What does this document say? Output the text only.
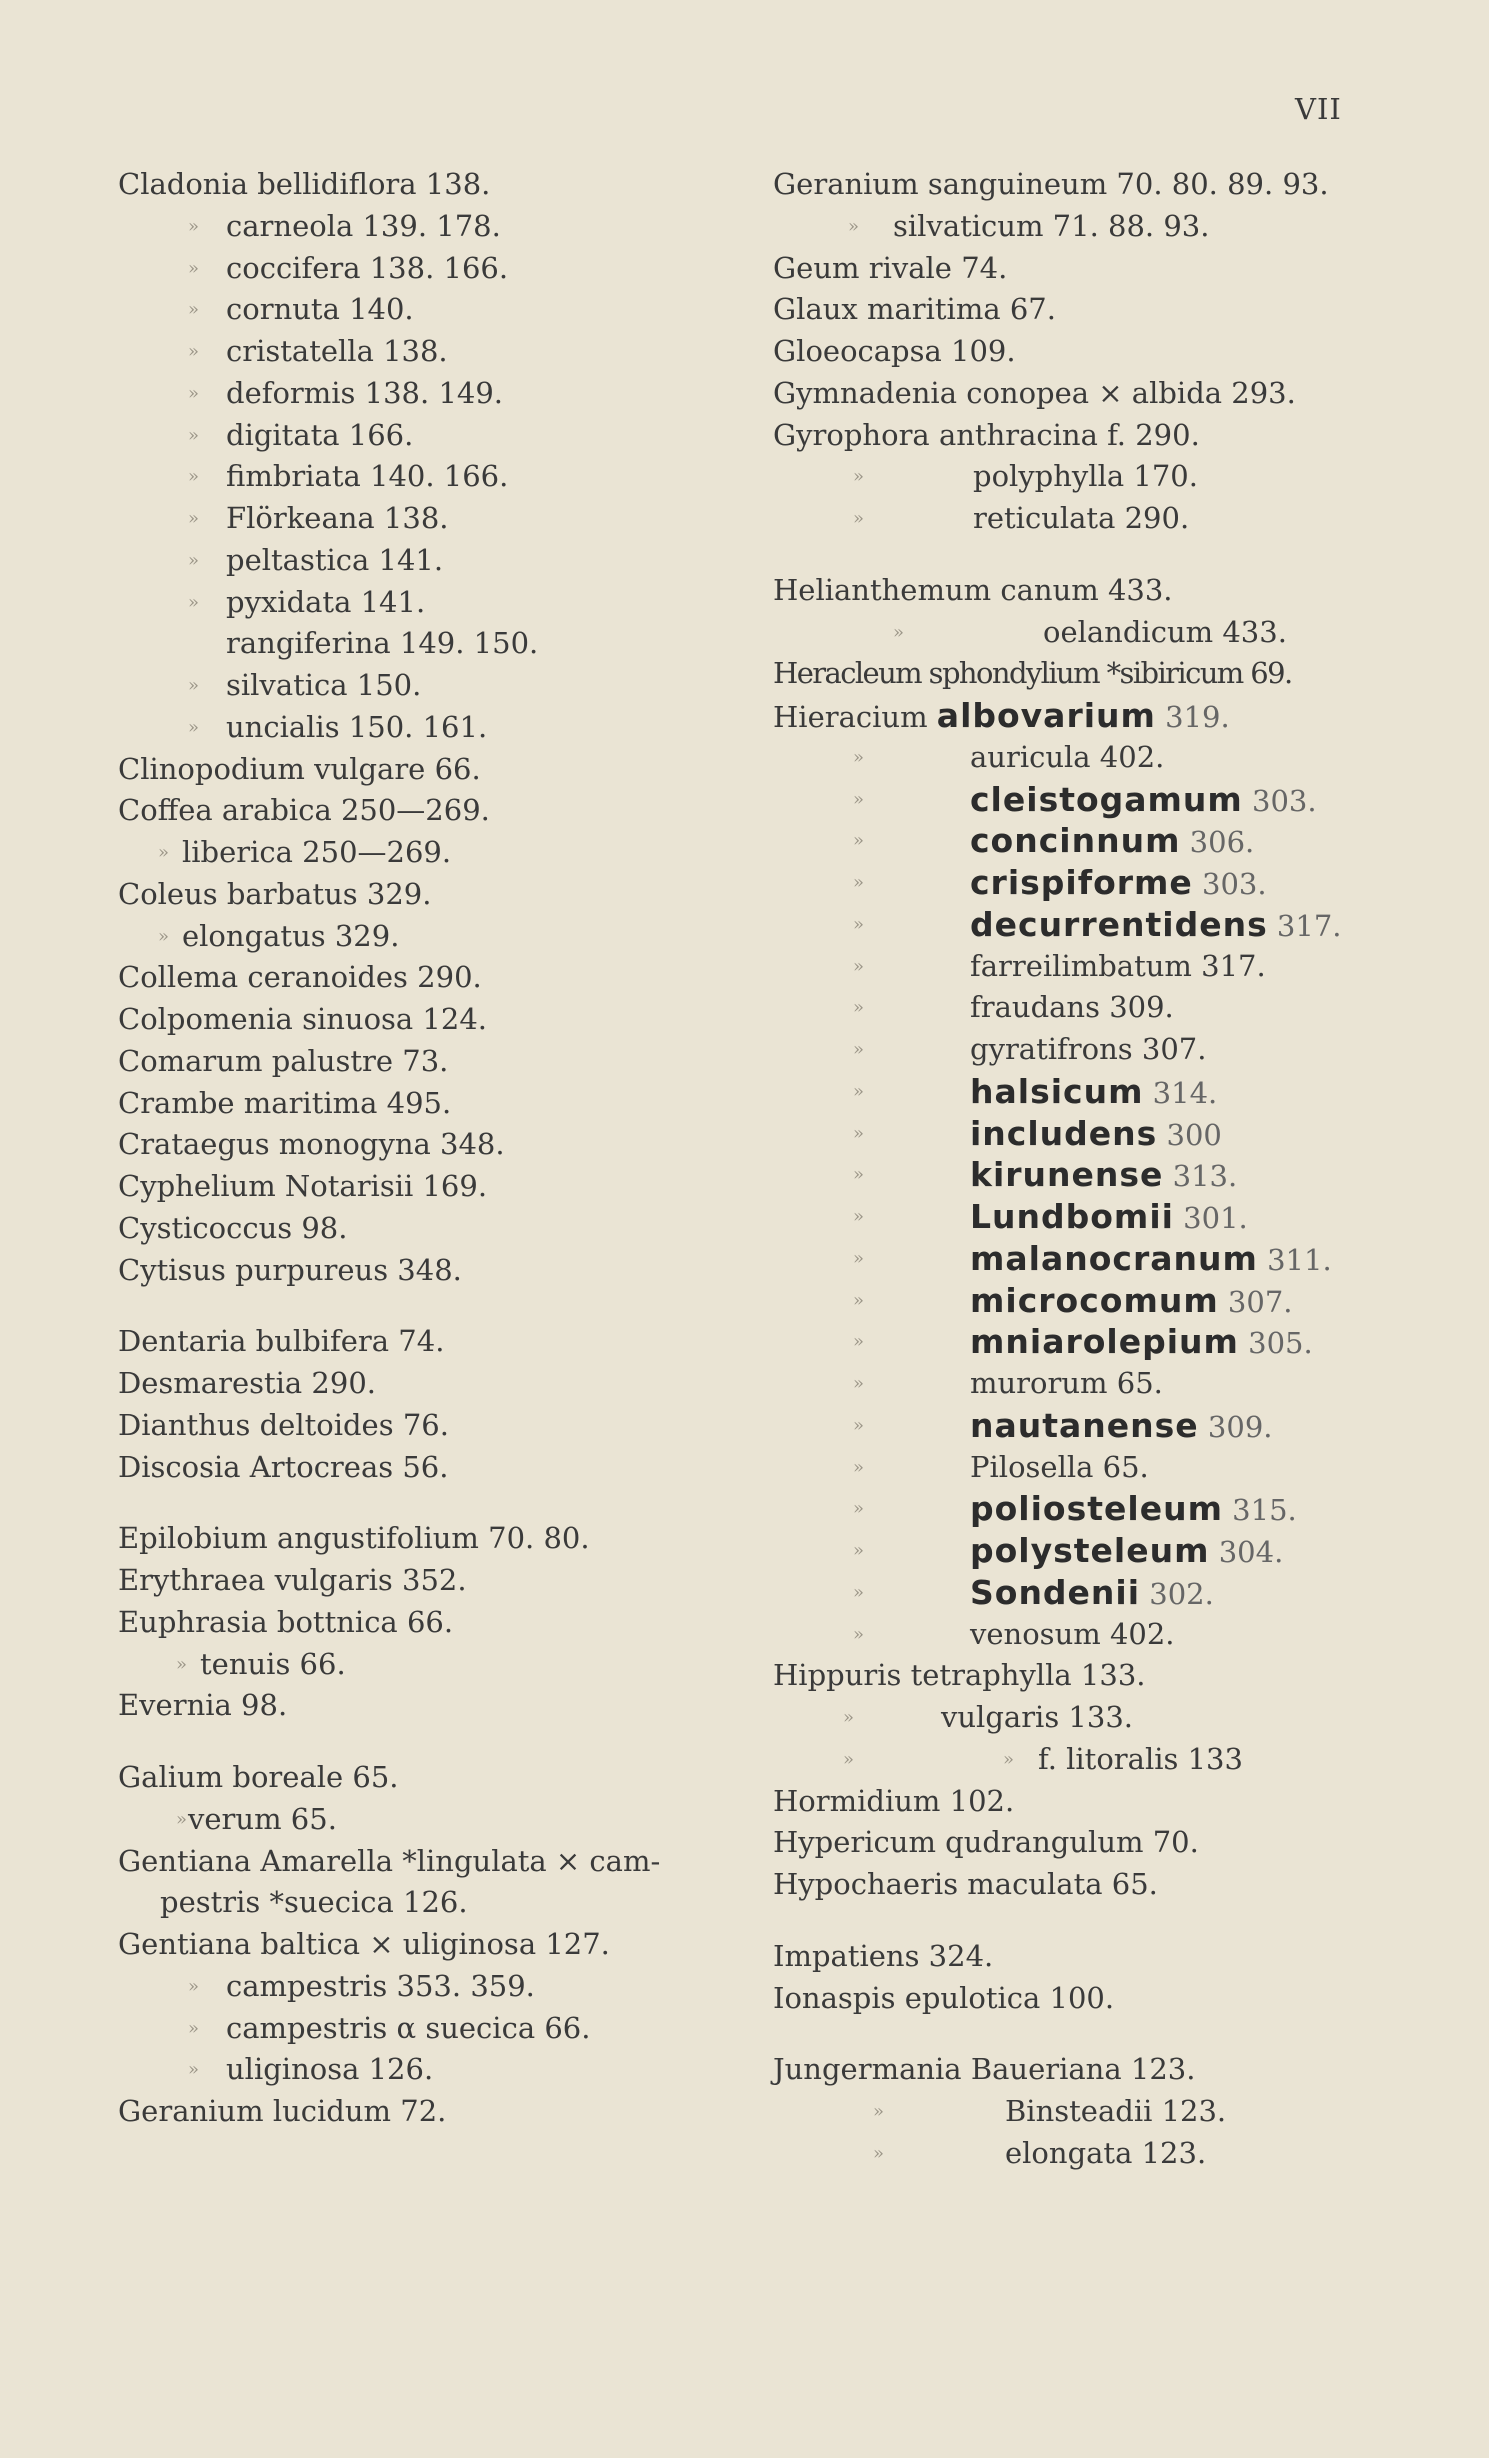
VII
Cladonia bellidiflora 138.
» carneola 139. 178.
» coccifera 138. 166.
» cornuta 140.
» cristatella 138.
» deformis 138. 149.
» digitata 166.
» fimbriata 140. 166.
» Flörkeana 138.
» peltastica 141.
» pyxidata 141.
rangiferina 149. 150.
» silvatica 150.
» uncialis 150. 161.
Clinopodium vulgare 66.
Coffea arabica 250—269.
» liberica 250—269.
Coleus barbatus 329.
» elongatus 329.
Collema ceranoides 290.
Colpomenia sinuosa 124.
Comarum palustre 73.
Crambe maritima 495.
Crataegus monogyna 348.
Cyphelium Notarisii 169.
Cysticoccus 98.
Cytisus purpureus 348.
Dentaria bulbifera 74.
Desmarestia 290.
Dianthus deltoides 76.
Discosia Artocreas 56.
Epilobium angustifolium 70. 80.
Erythraea vulgaris 352.
Euphrasia bottnica 66.
» tenuis 66.
Evernia 98.
Galium boreale 65.
» verum 65.
Gentiana Amarella *lingulata × cam-
pestris *suecica 126.
Gentiana baltica × uliginosa 127.
» campestris 353. 359.
» campestris α suecica 66.
» uliginosa 126.
Geranium lucidum 72.
Geranium sanguineum 70. 80. 89. 93.
» silvaticum 71. 88. 93.
Geum rivale 74.
Glaux maritima 67.
Gloeocapsa 109.
Gymnadenia conopea × albida 293.
Gyrophora anthracina f. 290.
»	polyphylla 170.
»	reticulata 290.
Helianthemum canum 433.
»	oelandicum 433.
Heracleum sphondylium *sibiricum 69.
Hieracium albovarium 319.
»	auricula 402.
»	cleistogamum 303.
»	concinnum 306.
»	crispiforme 303.
»	decurrentidens 317.
»	farreilimbatum 317.
»	fraudans 309.
»	gyratifrons 307.
»	halsicum 314.
»	includens 300
»	kirunense 313.
»	Lundbomii 301.
»	malanocranum 311.
»	microcomum 307.
»	mniarolepium 305.
»	murorum 65.
»	nautanense 309.
»	Pilosella 65.
»	poliosteleum 315.
»	polysteleum 304.
»	Sondenii 302.
»	venosum 402.
Hippuris tetraphylla 133.
»	vulgaris 133.
»	» f. litoralis 133
Hormidium 102.
Hypericum qudrangulum 70.
Hypochaeris maculata 65.
Impatiens 324.
Ionaspis epulotica 100.
Jungermania Baueriana 123.
»	Binsteadii 123.
»	elongata 123.
